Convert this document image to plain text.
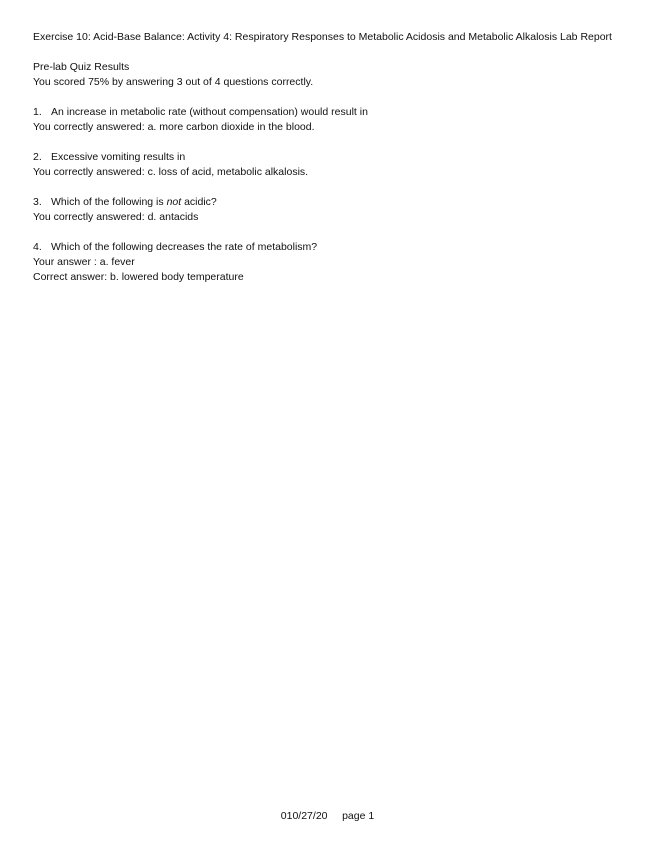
Exercise 10: Acid-Base Balance: Activity 4: Respiratory Responses to Metabolic Acidosis and Metabolic Alkalosis Lab Report

Pre-lab Quiz Results
You scored 75% by answering 3 out of 4 questions correctly.
1. An increase in metabolic rate (without compensation) would result in
You correctly answered: a. more carbon dioxide in the blood.
2. Excessive vomiting results in
You correctly answered: c. loss of acid, metabolic alkalosis.
3. Which of the following is not acidic?
You correctly answered: d. antacids
4. Which of the following decreases the rate of metabolism?
Your answer : a. fever
Correct answer: b. lowered body temperature
010/27/20 page 1
